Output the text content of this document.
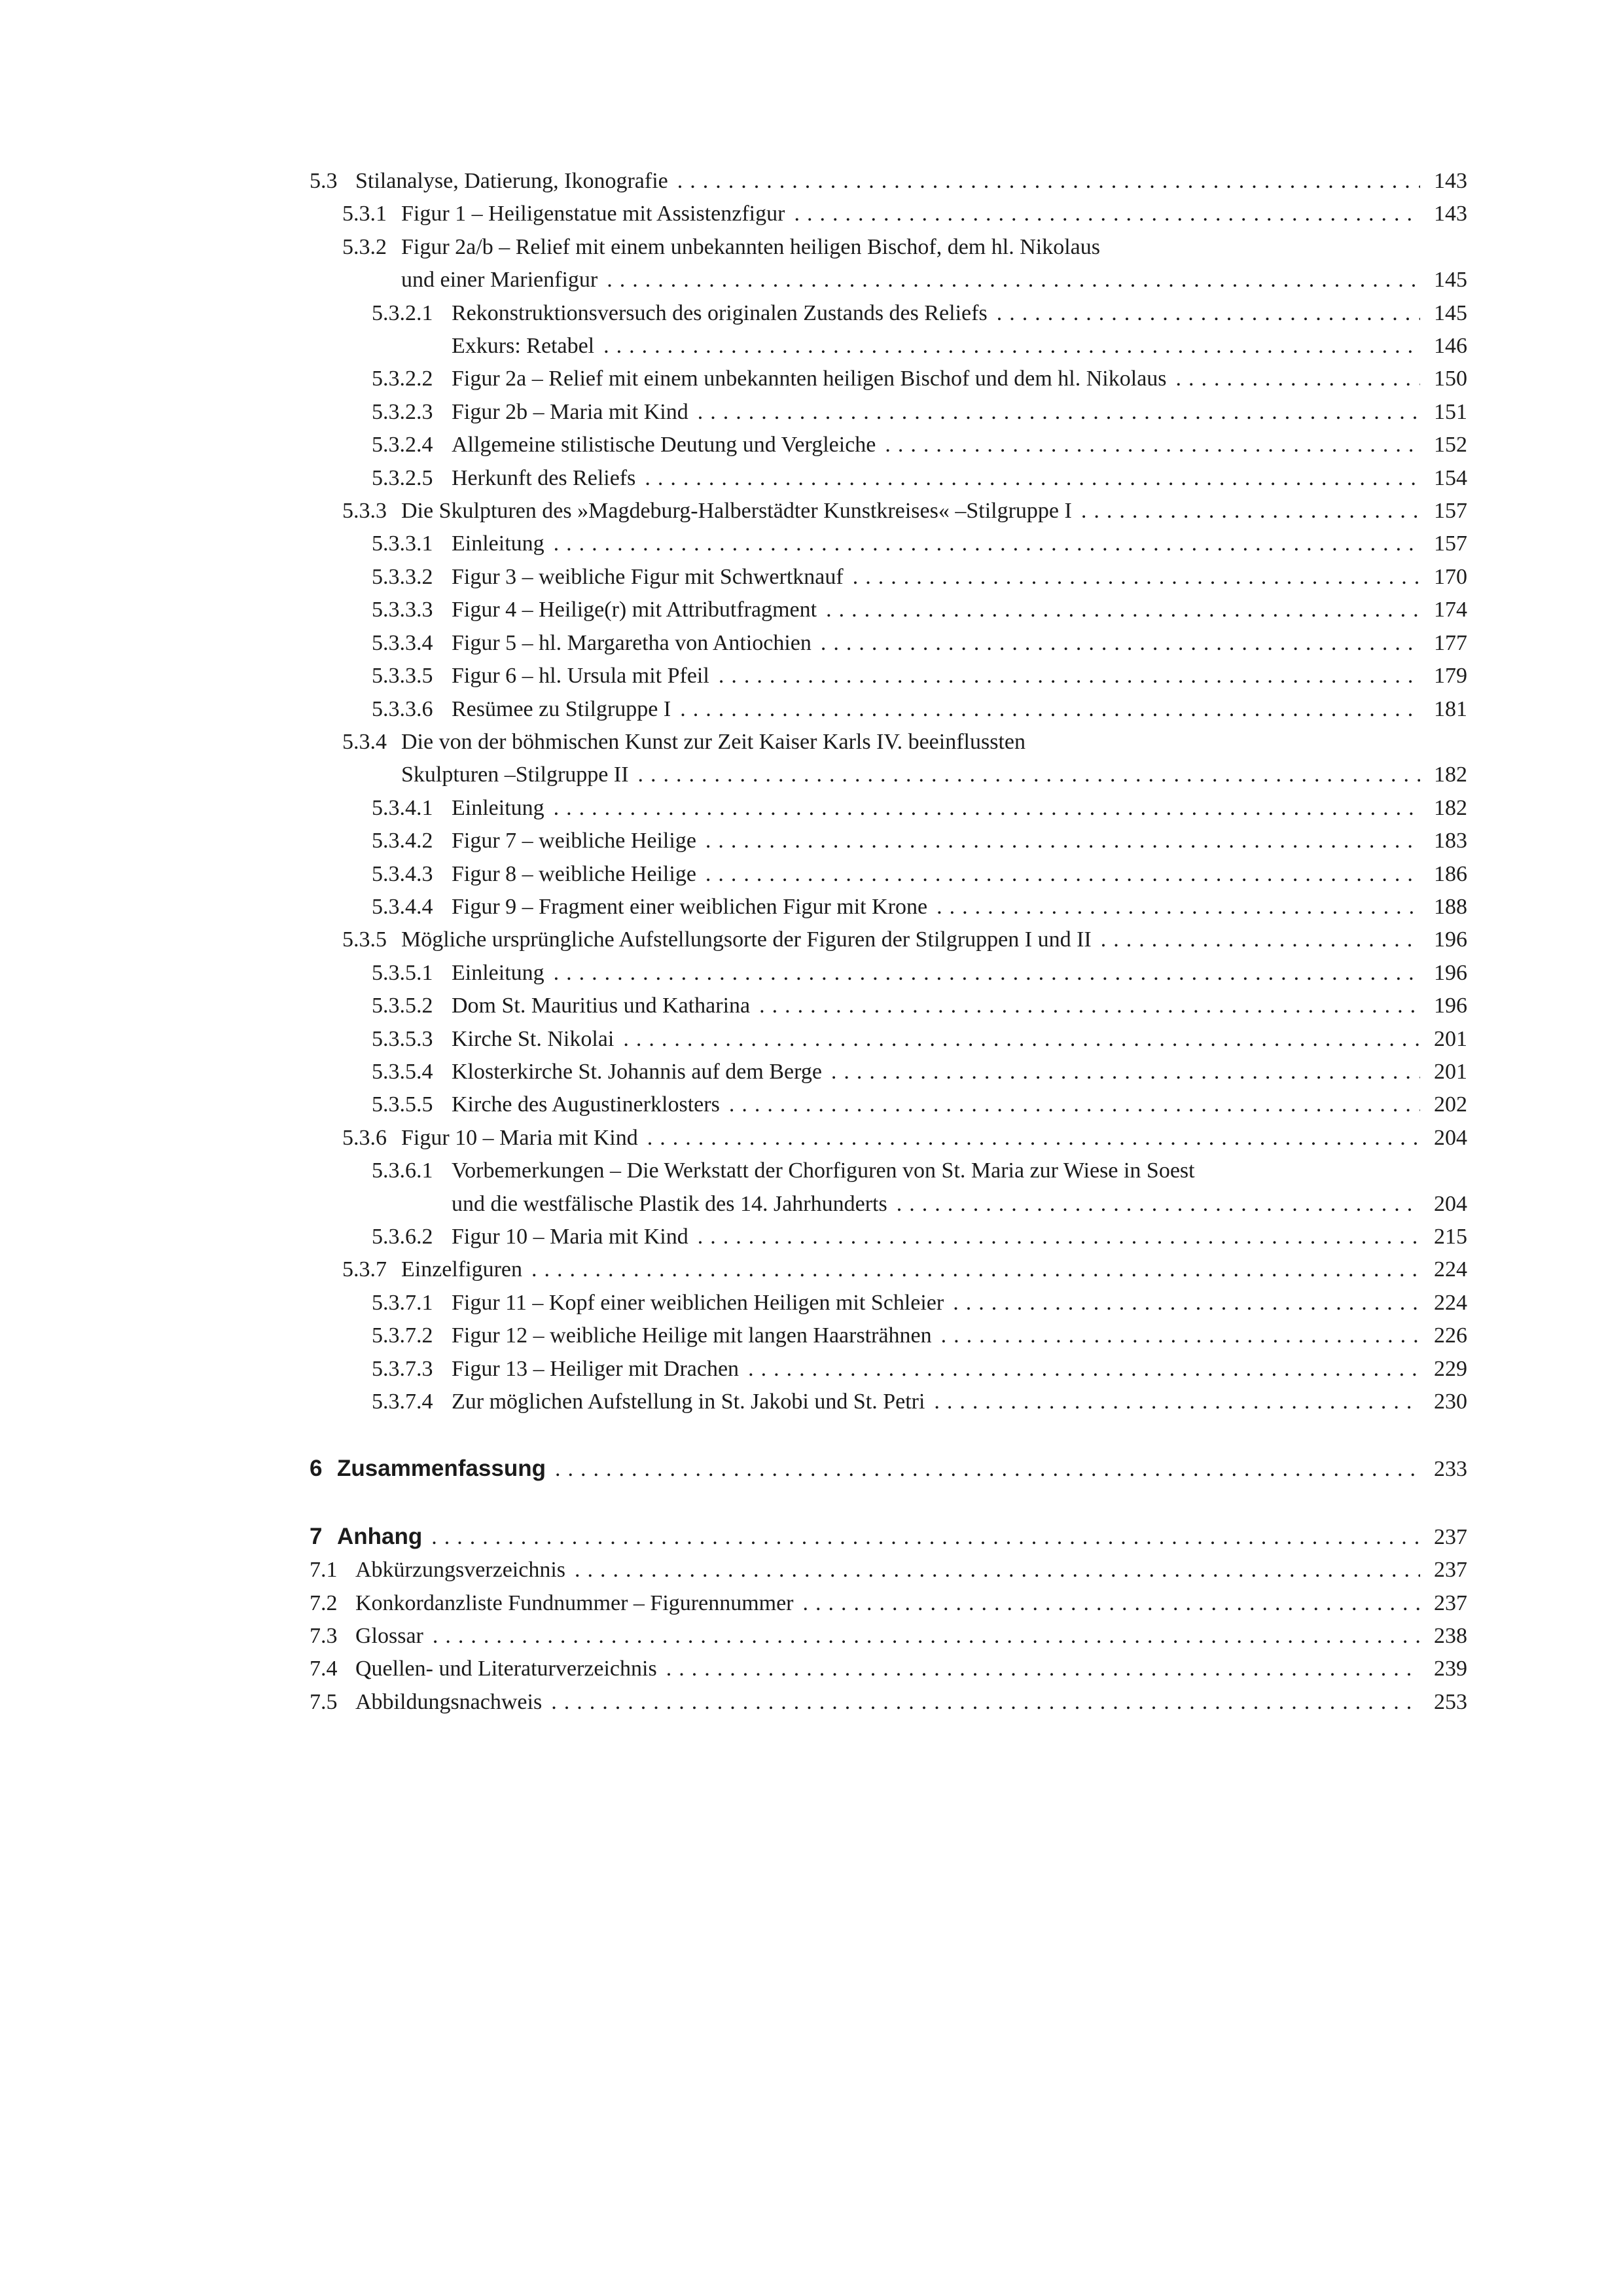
5.3 Stilanalyse, Datierung, Ikonografie .....	143
5.3.1 Figur 1 – Heiligenstatue mit Assistenzfigur .....	143
5.3.2 Figur 2a/b – Relief mit einem unbekannten heiligen Bischof, dem hl. Nikolaus
und einer Marienfigur .....	145
5.3.2.1 Rekonstruktionsversuch des originalen Zustands des Reliefs .....	145
Exkurs: Retabel .....	146
5.3.2.2 Figur 2a – Relief mit einem unbekannten heiligen Bischof und dem hl. Nikolaus .....	150
5.3.2.3 Figur 2b – Maria mit Kind .....	151
5.3.2.4 Allgemeine stilistische Deutung und Vergleiche .....	152
5.3.2.5 Herkunft des Reliefs .....	154
5.3.3 Die Skulpturen des »Magdeburg-Halberstädter Kunstkreises« –Stilgruppe I .....	157
5.3.3.1 Einleitung .....	157
5.3.3.2 Figur 3 – weibliche Figur mit Schwertknauf .....	170
5.3.3.3 Figur 4 – Heilige(r) mit Attributfragment .....	174
5.3.3.4 Figur 5 – hl. Margaretha von Antiochien .....	177
5.3.3.5 Figur 6 – hl. Ursula mit Pfeil .....	179
5.3.3.6 Resümee zu Stilgruppe I .....	181
5.3.4 Die von der böhmischen Kunst zur Zeit Kaiser Karls IV. beeinflussten
Skulpturen –Stilgruppe II .....	182
5.3.4.1 Einleitung .....	182
5.3.4.2 Figur 7 – weibliche Heilige .....	183
5.3.4.3 Figur 8 – weibliche Heilige .....	186
5.3.4.4 Figur 9 – Fragment einer weiblichen Figur mit Krone .....	188
5.3.5 Mögliche ursprüngliche Aufstellungsorte der Figuren der Stilgruppen I und II .....	196
5.3.5.1 Einleitung .....	196
5.3.5.2 Dom St. Mauritius und Katharina .....	196
5.3.5.3 Kirche St. Nikolai .....	201
5.3.5.4 Klosterkirche St. Johannis auf dem Berge .....	201
5.3.5.5 Kirche des Augustinerklosters .....	202
5.3.6 Figur 10 – Maria mit Kind .....	204
5.3.6.1 Vorbemerkungen – Die Werkstatt der Chorfiguren von St. Maria zur Wiese in Soest
und die westfälische Plastik des 14. Jahrhunderts .....	204
5.3.6.2 Figur 10 – Maria mit Kind .....	215
5.3.7 Einzelfiguren .....	224
5.3.7.1 Figur 11 – Kopf einer weiblichen Heiligen mit Schleier .....	224
5.3.7.2 Figur 12 – weibliche Heilige mit langen Haarsträhnen .....	226
5.3.7.3 Figur 13 – Heiliger mit Drachen .....	229
5.3.7.4 Zur möglichen Aufstellung in St. Jakobi und St. Petri .....	230
6 Zusammenfassung .....	233
7 Anhang .....	237
7.1 Abkürzungsverzeichnis .....	237
7.2 Konkordanzliste Fundnummer – Figurennummer .....	237
7.3 Glossar .....	238
7.4 Quellen- und Literaturverzeichnis .....	239
7.5 Abbildungsnachweis .....	253
